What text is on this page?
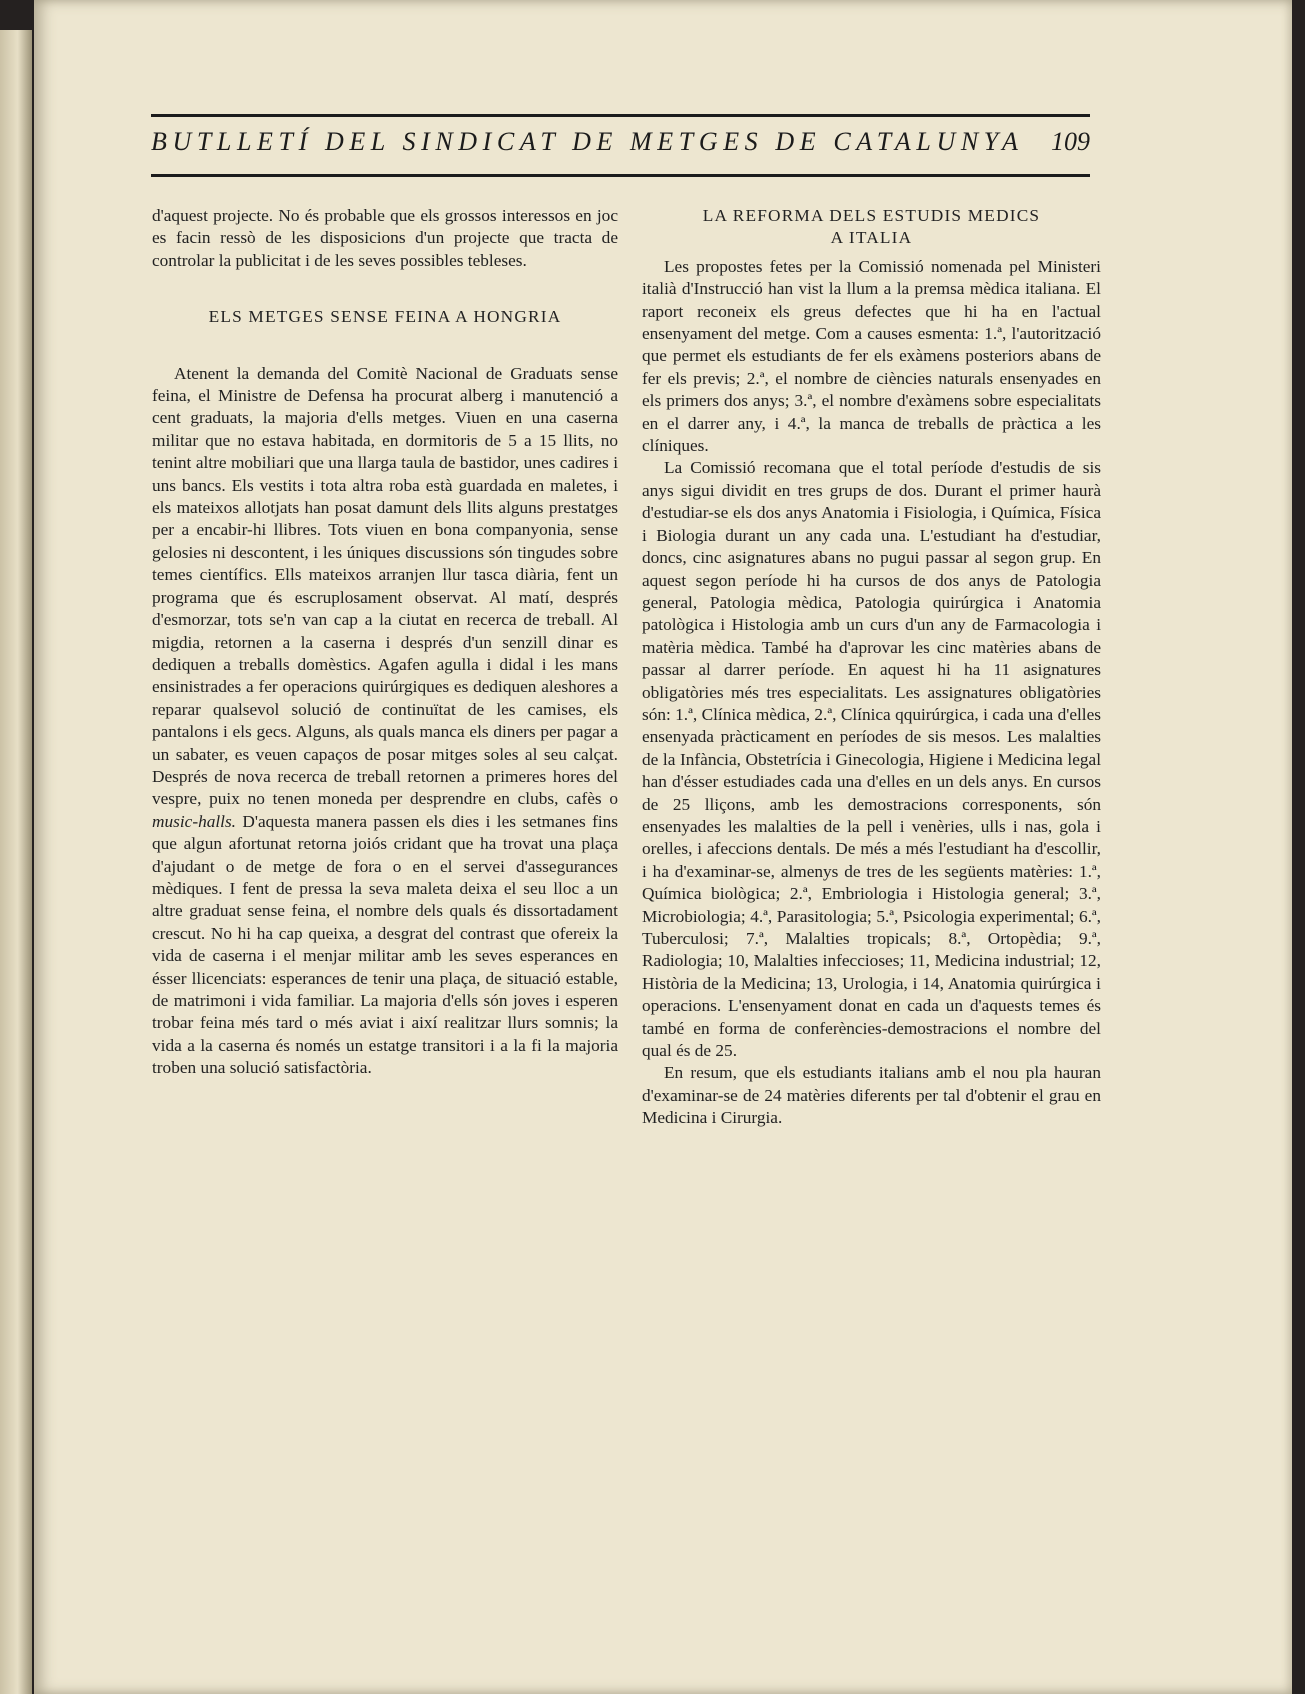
BUTLLETÍ DEL SINDICAT DE METGES DE CATALUNYA 109

d'aquest projecte. No és probable que els grossos interessos en joc es facin ressò de les disposicions d'un projecte que tracta de controlar la publicitat i de les seves possibles tebleses.

ELS METGES SENSE FEINA A HONGRIA

Atenent la demanda del Comitè Nacional de Graduats sense feina, el Ministre de Defensa ha procurat alberg i manutenció a cent graduats, la majoria d'ells metges. Viuen en una caserna militar que no estava habitada, en dormitoris de 5 a 15 llits, no tenint altre mobiliari que una llarga taula de bastidor, unes cadires i uns bancs. Els vestits i tota altra roba està guardada en maletes, i els mateixos allotjats han posat damunt dels llits alguns prestatges per a encabir-hi llibres. Tots viuen en bona companyonia, sense gelosies ni descontent, i les úniques discussions són tingudes sobre temes científics. Ells mateixos arranjen llur tasca diària, fent un programa que és escruplosament observat. Al matí, després d'esmorzar, tots se'n van cap a la ciutat en recerca de treball. Al migdia, retornen a la caserna i després d'un senzill dinar es dediquen a treballs domèstics. Agafen agulla i didal i les mans ensinistrades a fer operacions quirúrgiques es dediquen aleshores a reparar qualsevol solució de continuïtat de les camises, els pantalons i els gecs. Alguns, als quals manca els diners per pagar a un sabater, es veuen capaços de posar mitges soles al seu calçat. Després de nova recerca de treball retornen a primeres hores del vespre, puix no tenen moneda per desprendre en clubs, cafès o music-halls. D'aquesta manera passen els dies i les setmanes fins que algun afortunat retorna joiós cridant que ha trovat una plaça d'ajudant o de metge de fora o en el servei d'assegurances mèdiques. I fent de pressa la seva maleta deixa el seu lloc a un altre graduat sense feina, el nombre dels quals és dissortadament crescut. No hi ha cap queixa, a desgrat del contrast que ofereix la vida de caserna i el menjar militar amb les seves esperances en ésser llicenciats: esperances de tenir una plaça, de situació estable, de matrimoni i vida familiar. La majoria d'ells són joves i esperen trobar feina més tard o més aviat i així realitzar llurs somnis; la vida a la caserna és només un estatge transitori i a la fi la majoria troben una solució satisfactòria.

LA REFORMA DELS ESTUDIS MEDICS
A ITALIA

Les propostes fetes per la Comissió nomenada pel Ministeri italià d'Instrucció han vist la llum a la premsa mèdica italiana. El raport reconeix els greus defectes que hi ha en l'actual ensenyament del metge. Com a causes esmenta: 1.ª, l'autorització que permet els estudiants de fer els exàmens posteriors abans de fer els previs; 2.ª, el nombre de ciències naturals ensenyades en els primers dos anys; 3.ª, el nombre d'exàmens sobre especialitats en el darrer any, i 4.ª, la manca de treballs de pràctica a les clíniques.

La Comissió recomana que el total període d'estudis de sis anys sigui dividit en tres grups de dos. Durant el primer haurà d'estudiar-se els dos anys Anatomia i Fisiologia, i Química, Física i Biologia durant un any cada una. L'estudiant ha d'estudiar, doncs, cinc asignatures abans no pugui passar al segon grup. En aquest segon període hi ha cursos de dos anys de Patologia general, Patologia mèdica, Patologia quirúrgica i Anatomia patològica i Histologia amb un curs d'un any de Farmacologia i matèria mèdica. També ha d'aprovar les cinc matèries abans de passar al darrer període. En aquest hi ha 11 asignatures obligatòries més tres especialitats. Les assignatures obligatòries són: 1.ª, Clínica mèdica, 2.ª, Clínica qquirúrgica, i cada una d'elles ensenyada pràcticament en períodes de sis mesos. Les malalties de la Infància, Obstetrícia i Ginecologia, Higiene i Medicina legal han d'ésser estudiades cada una d'elles en un dels anys. En cursos de 25 lliçons, amb les demostracions corresponents, són ensenyades les malalties de la pell i venèries, ulls i nas, gola i orelles, i afeccions dentals. De més a més l'estudiant ha d'escollir, i ha d'examinar-se, almenys de tres de les següents matèries: 1.ª, Química biològica; 2.ª, Embriologia i Histologia general; 3.ª, Microbiologia; 4.ª, Parasitologia; 5.ª, Psicologia experimental; 6.ª, Tuberculosi; 7.ª, Malalties tropicals; 8.ª, Ortopèdia; 9.ª, Radiologia; 10, Malalties infeccioses; 11, Medicina industrial; 12, Història de la Medicina; 13, Urologia, i 14, Anatomia quirúrgica i operacions. L'ensenyament donat en cada un d'aquests temes és també en forma de conferències-demostracions el nombre del qual és de 25.

En resum, que els estudiants italians amb el nou pla hauran d'examinar-se de 24 matèries diferents per tal d'obtenir el grau en Medicina i Cirurgia.
